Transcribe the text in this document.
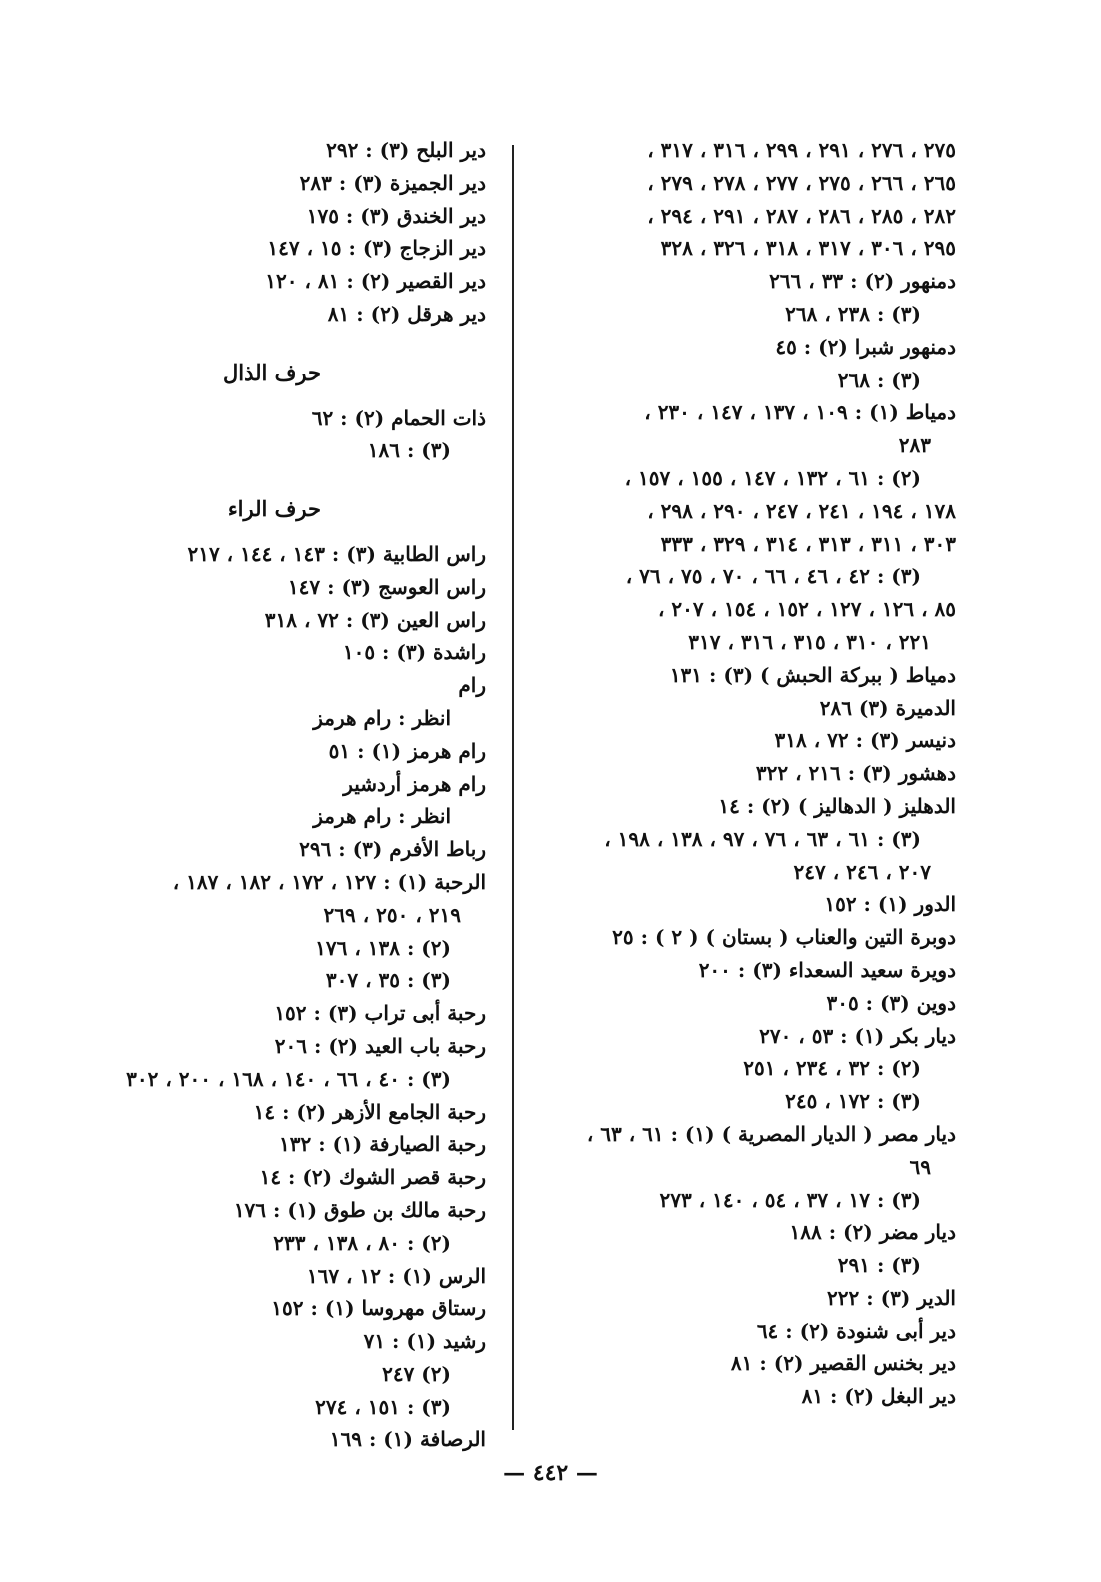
٢٧٥ ، ٢٧٦ ، ٢٩١ ، ٢٩٩ ، ٣١٦ ، ٣١٧ ،
٢٦٥ ، ٢٦٦ ، ٢٧٥ ، ٢٧٧ ، ٢٧٨ ، ٢٧٩ ،
٢٨٢ ، ٢٨٥ ، ٢٨٦ ، ٢٨٧ ، ٢٩١ ، ٢٩٤ ،
٢٩٥ ، ٣٠٦ ، ٣١٧ ، ٣١٨ ، ٣٢٦ ، ٣٢٨
دمنهور (٢) : ٣٣ ، ٢٦٦
(٣) : ٢٣٨ ، ٢٦٨
دمنهور شبرا (٢) : ٤٥
(٣) : ٢٦٨
دمياط (١) : ١٠٩ ، ١٣٧ ، ١٤٧ ، ٢٣٠ ،
٢٨٣
(٢) : ٦١ ، ١٣٢ ، ١٤٧ ، ١٥٥ ، ١٥٧ ،
١٧٨ ، ١٩٤ ، ٢٤١ ، ٢٤٧ ، ٢٩٠ ، ٢٩٨ ،
٣٠٣ ، ٣١١ ، ٣١٣ ، ٣١٤ ، ٣٢٩ ، ٣٣٣
(٣) : ٤٢ ، ٤٦ ، ٦٦ ، ٧٠ ، ٧٥ ، ٧٦ ،
٨٥ ، ١٢٦ ، ١٢٧ ، ١٥٢ ، ١٥٤ ، ٢٠٧ ،
٢٢١ ، ٣١٠ ، ٣١٥ ، ٣١٦ ، ٣١٧
دمياط ( ببركة الحبش ) (٣) : ١٣١
الدميرة (٣) ٢٨٦
دنيسر (٣) : ٧٢ ، ٣١٨
دهشور (٣) : ٢١٦ ، ٣٢٢
الدهليز ( الدهاليز ) (٢) : ١٤
(٣) : ٦١ ، ٦٣ ، ٧٦ ، ٩٧ ، ١٣٨ ، ١٩٨ ،
٢٠٧ ، ٢٤٦ ، ٢٤٧
الدور (١) : ١٥٢
دوبرة التين والعناب ( بستان ) ( ٢ ) : ٢٥
دويرة سعيد السعداء (٣) : ٢٠٠
دوين (٣) : ٣٠٥
ديار بكر (١) : ٥٣ ، ٢٧٠
(٢) : ٣٢ ، ٢٣٤ ، ٢٥١
(٣) : ١٧٢ ، ٢٤٥
ديار مصر ( الديار المصرية ) (١) : ٦١ ، ٦٣ ،
٦٩
(٣) : ١٧ ، ٣٧ ، ٥٤ ، ١٤٠ ، ٢٧٣
ديار مضر (٢) : ١٨٨
(٣) : ٢٩١
الدير (٣) : ٢٢٢
دير أبى شنودة (٢) : ٦٤
دير بخنس القصير (٢) : ٨١
دير البغل (٢) : ٨١
دير البلح (٣) : ٢٩٢
دير الجميزة (٣) : ٢٨٣
دير الخندق (٣) : ١٧٥
دير الزجاج (٣) : ١٥ ، ١٤٧
دير القصير (٢) : ٨١ ، ١٢٠
دير هرقل (٢) : ٨١
حرف الذال
ذات الحمام (٢) : ٦٢
(٣) : ١٨٦
حرف الراء
راس الطابية (٣) : ١٤٣ ، ١٤٤ ، ٢١٧
راس العوسج (٣) : ١٤٧
راس العين (٣) : ٧٢ ، ٣١٨
راشدة (٣) : ١٠٥
رام
انظر : رام هرمز
رام هرمز (١) : ٥١
رام هرمز أردشير
انظر : رام هرمز
رباط الأفرم (٣) : ٢٩٦
الرحبة (١) : ١٢٧ ، ١٧٢ ، ١٨٢ ، ١٨٧ ،
٢١٩ ، ٢٥٠ ، ٢٦٩
(٢) : ١٣٨ ، ١٧٦
(٣) : ٣٥ ، ٣٠٧
رحبة أبى تراب (٣) : ١٥٢
رحبة باب العيد (٢) : ٢٠٦
(٣) : ٤٠ ، ٦٦ ، ١٤٠ ، ١٦٨ ، ٢٠٠ ، ٣٠٢
رحبة الجامع الأزهر (٢) : ١٤
رحبة الصيارفة (١) : ١٣٢
رحبة قصر الشوك (٢) : ١٤
رحبة مالك بن طوق (١) : ١٧٦
(٢) : ٨٠ ، ١٣٨ ، ٢٣٣
الرس (١) : ١٢ ، ١٦٧
رستاق مهروسا (١) : ١٥٢
رشيد (١) : ٧١
(٢) ٢٤٧
(٣) : ١٥١ ، ٢٧٤
الرصافة (١) : ١٦٩
— ٤٤٢ —
